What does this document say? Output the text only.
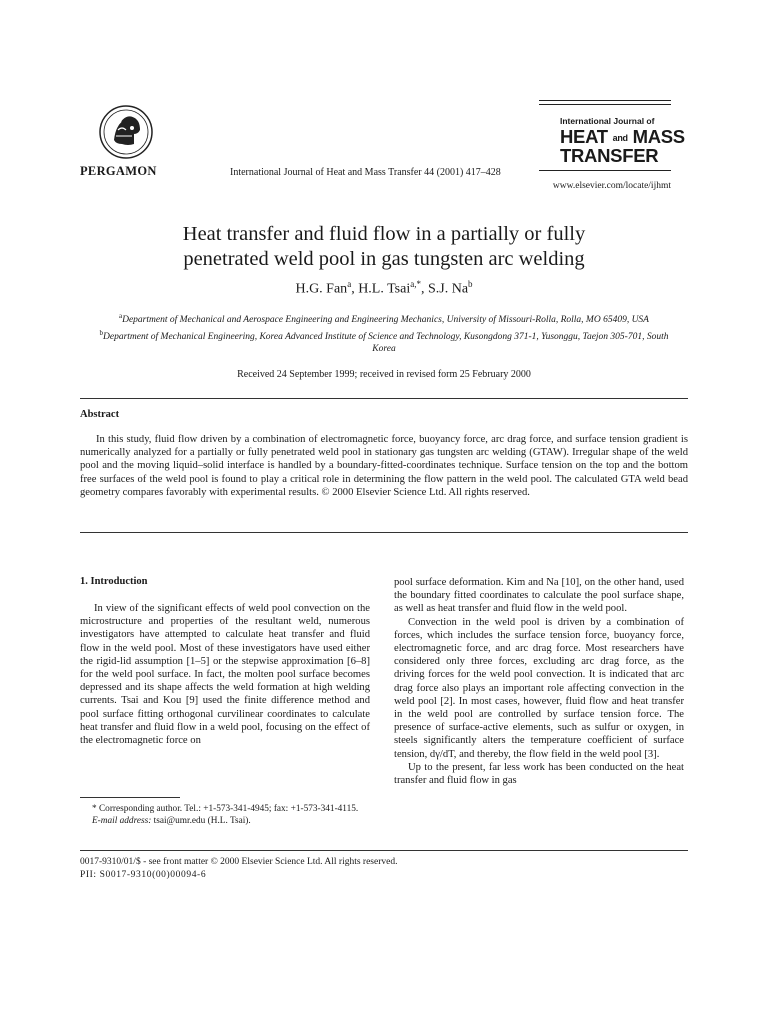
PERGAMON	International Journal of Heat and Mass Transfer 44 (2001) 417–428
International Journal of
HEAT and MASS
TRANSFER
www.elsevier.com/locate/ijhmt
Heat transfer and fluid flow in a partially or fully
penetrated weld pool in gas tungsten arc welding
H.G. Fan$^a$, H.L. Tsai$^{a,*}$, S.J. Na$^b$
$^a$Department of Mechanical and Aerospace Engineering and Engineering Mechanics, University of Missouri-Rolla, Rolla, MO 65409, USA
$^b$Department of Mechanical Engineering, Korea Advanced Institute of Science and Technology, Kusongdong 371-1, Yusonggu, Taejon 305-701, South Korea
Received 24 September 1999; received in revised form 25 February 2000
Abstract
In this study, fluid flow driven by a combination of electromagnetic force, buoyancy force, arc drag force, and surface tension gradient is numerically analyzed for a partially or fully penetrated weld pool in stationary gas tungsten arc welding (GTAW). Irregular shape of the weld pool and the moving liquid–solid interface is handled by a boundary-fitted-coordinates technique. Surface tension on the top and the bottom free surfaces of the weld pool is found to play a critical role in determining the flow pattern in the weld pool. The calculated GTA weld bead geometry compares favorably with experimental results. © 2000 Elsevier Science Ltd. All rights reserved.
1. Introduction

In view of the significant effects of weld pool convection on the microstructure and properties of the resultant weld, numerous investigators have attempted to calculate heat transfer and fluid flow in the weld pool. Most of these investigators have used either the rigid-lid assumption [1–5] or the stepwise approximation [6–8] for the weld pool surface. In fact, the molten pool surface becomes depressed and its shape affects the weld formation at high welding currents. Tsai and Kou [9] used the finite difference method and pool surface fitting orthogonal curvilinear coordinates to calculate heat transfer and fluid flow in a weld pool, focusing on the effect of the electromagnetic force on

pool surface deformation. Kim and Na [10], on the other hand, used the boundary fitted coordinates to calculate the pool surface shape, as well as heat transfer and fluid flow in the weld pool.

Convection in the weld pool is driven by a combination of forces, which includes the surface tension force, buoyancy force, electromagnetic force, and arc drag force. Most researchers have considered only three forces, excluding arc drag force, as the driving forces for the weld pool convection. It is indicated that arc drag force also plays an important role affecting convection in the weld pool [2]. In most cases, however, fluid flow and heat transfer in the weld pool are controlled by surface tension force. The presence of surface-active elements, such as sulfur or oxygen, in steels significantly alters the temperature coefficient of surface tension, dγ/dT, and thereby, the flow field in the weld pool [3].

Up to the present, far less work has been conducted on the heat transfer and fluid flow in gas

* Corresponding author. Tel.: +1-573-341-4945; fax: +1-573-341-4115.

E-mail address: tsai@umr.edu (H.L. Tsai).

0017-9310/01/$ - see front matter © 2000 Elsevier Science Ltd. All rights reserved.
PII: S0017-9310(00)00094-6
